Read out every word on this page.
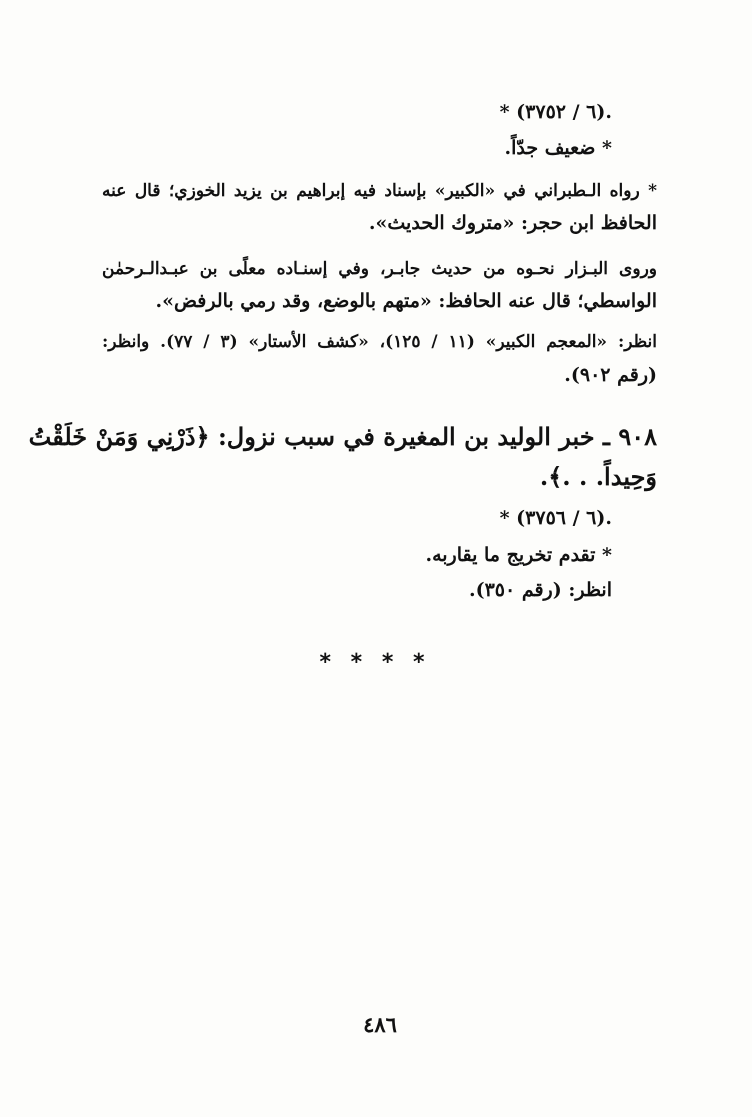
* (٦ / ٣٧٥٢).
* ضعيف جدّاً.
* رواه الـطبراني في «الكبير» بإسناد فيه إبراهيم بن يزيد الخوزي؛ قال عنه
الحافظ ابن حجر: «متروك الحديث».
وروى البـزار نحـوه من حديث جابـر، وفي إسنـاده معلًى بن عبـدالـرحمٰن
الواسطي؛ قال عنه الحافظ: «متهم بالوضع، وقد رمي بالرفض».
انظر: «المعجم الكبير» (١١ / ١٢٥)، «كشف الأستار» (٣ / ٧٧). وانظر:
(رقم ٩٠٢).
٩٠٨ ـ خبر الوليد بن المغيرة في سبب نزول: ﴿ذَرْنِي وَمَنْ خَلَقْتُ
وَحِيداً. . .﴾.
* (٦ / ٣٧٥٦).
* تقدم تخريج ما يقاربه.
انظر: (رقم ٣٥٠).
* * * *
٤٨٦
